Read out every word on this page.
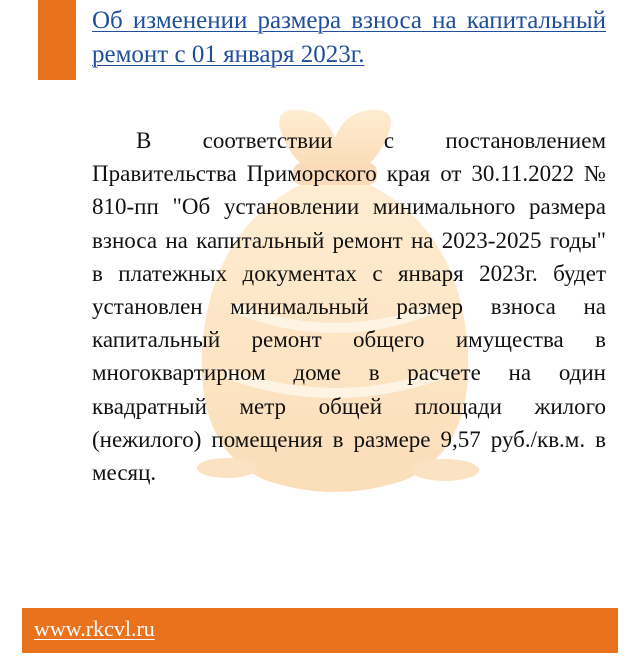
Об изменении размера взноса на капитальный ремонт с 01 января 2023г.
В соответствии с постановлением Правительства Приморского края от 30.11.2022 № 810-пп "Об установлении минимального размера взноса на капитальный ремонт на 2023-2025 годы" в платежных документах с января 2023г. будет установлен минимальный размер взноса на капитальный ремонт общего имущества в многоквартирном доме в расчете на один квадратный метр общей площади жилого (нежилого) помещения в размере 9,57 руб./кв.м. в месяц.
www.rkcvl.ru
